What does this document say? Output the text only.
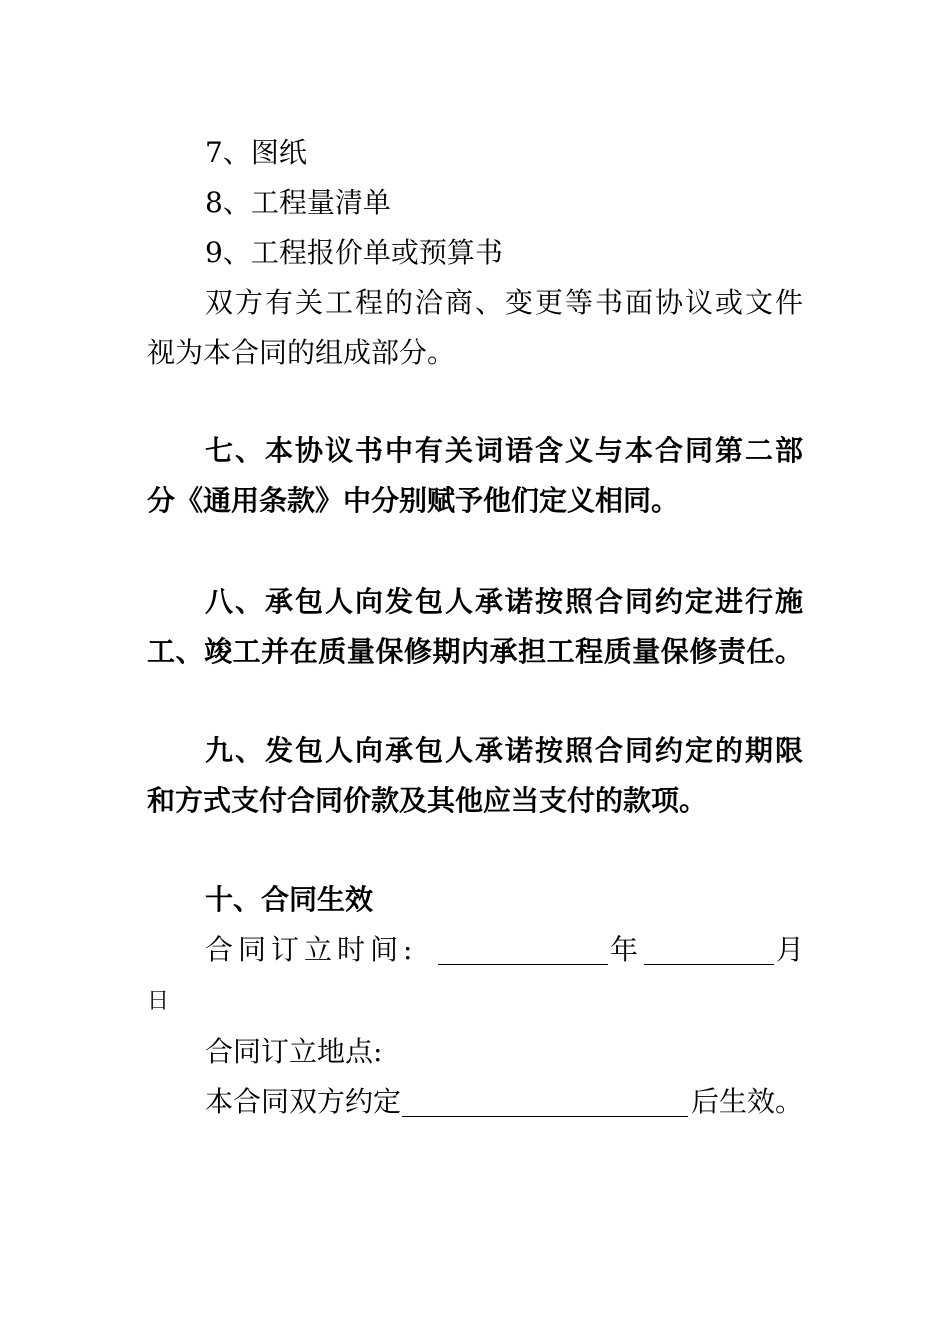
7、图纸
8、工程量清单
9、工程报价单或预算书
双方有关工程的洽商、变更等书面协议或文件
视为本合同的组成部分。
七、本协议书中有关词语含义与本合同第二部
分《通用条款》中分别赋予他们定义相同。
八、承包人向发包人承诺按照合同约定进行施
工、竣工并在质量保修期内承担工程质量保修责任。
九、发包人向承包人承诺按照合同约定的期限
和方式支付合同价款及其他应当支付的款项。
十、合同生效
合同订立时间:	年	月
日
合同订立地点:
本合同双方约定	后生效。
